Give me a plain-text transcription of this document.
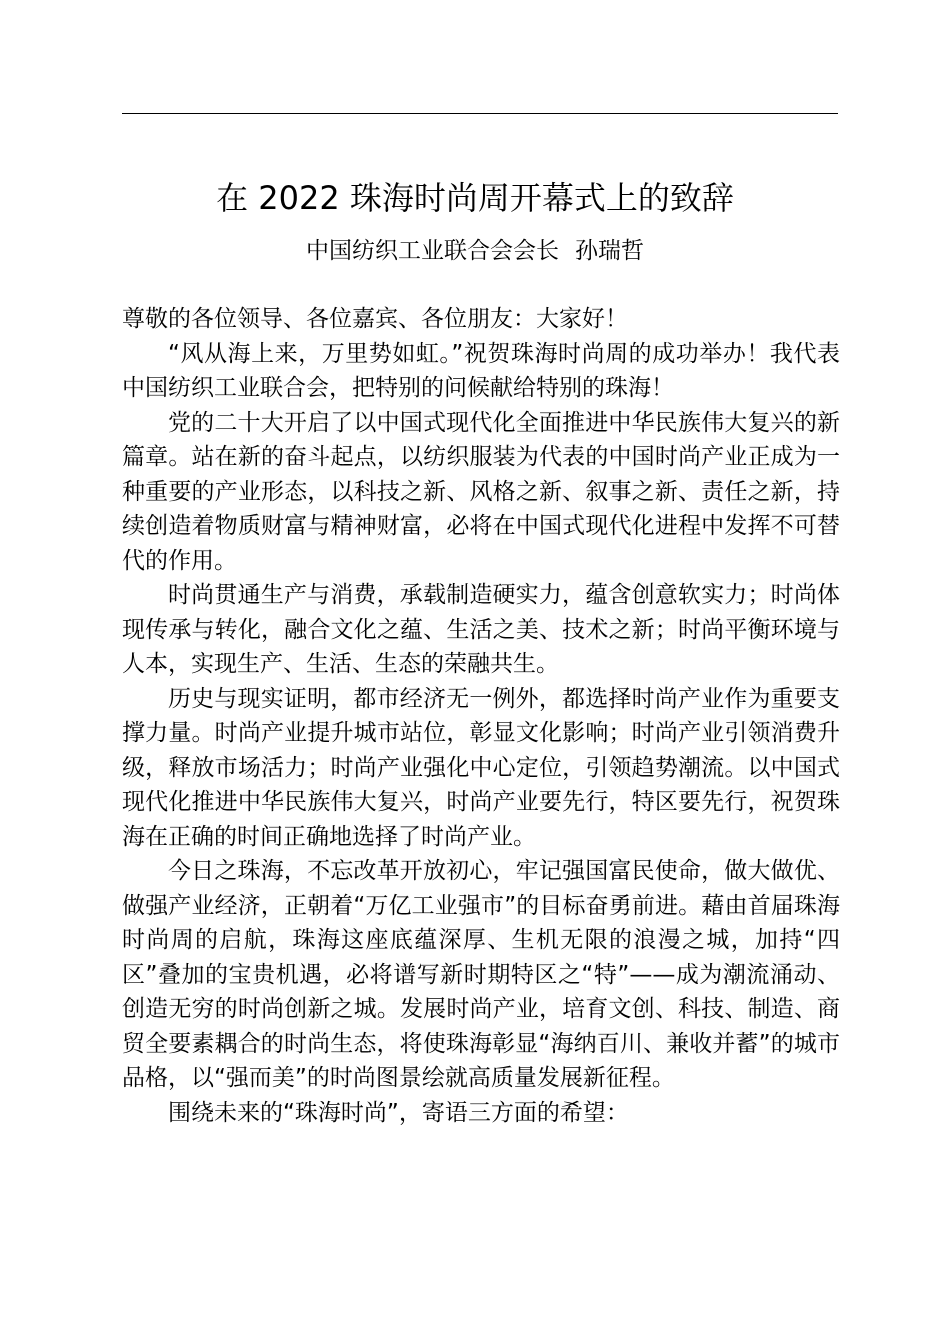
在 2022 珠海时尚周开幕式上的致辞
中国纺织工业联合会会长 孙瑞哲

尊敬的各位领导、各位嘉宾、各位朋友：大家好！

“风从海上来，万里势如虹。”祝贺珠海时尚周的成功举办！我代表中国纺织工业联合会，把特别的问候献给特别的珠海！

党的二十大开启了以中国式现代化全面推进中华民族伟大复兴的新篇章。站在新的奋斗起点，以纺织服装为代表的中国时尚产业正成为一种重要的产业形态，以科技之新、风格之新、叙事之新、责任之新，持续创造着物质财富与精神财富，必将在中国式现代化进程中发挥不可替代的作用。

时尚贯通生产与消费，承载制造硬实力，蕴含创意软实力；时尚体现传承与转化，融合文化之蕴、生活之美、技术之新；时尚平衡环境与人本，实现生产、生活、生态的荣融共生。

历史与现实证明，都市经济无一例外，都选择时尚产业作为重要支撑力量。时尚产业提升城市站位，彰显文化影响；时尚产业引领消费升级，释放市场活力；时尚产业强化中心定位，引领趋势潮流。以中国式现代化推进中华民族伟大复兴，时尚产业要先行，特区要先行，祝贺珠海在正确的时间正确地选择了时尚产业。

今日之珠海，不忘改革开放初心，牢记强国富民使命，做大做优、做强产业经济，正朝着“万亿工业强市”的目标奋勇前进。藉由首届珠海时尚周的启航，珠海这座底蕴深厚、生机无限的浪漫之城，加持“四区”叠加的宝贵机遇，必将谱写新时期特区之“特”——成为潮流涌动、创造无穷的时尚创新之城。发展时尚产业，培育文创、科技、制造、商贸全要素耦合的时尚生态，将使珠海彰显“海纳百川、兼收并蓄”的城市品格，以“强而美”的时尚图景绘就高质量发展新征程。

围绕未来的“珠海时尚”，寄语三方面的希望：
